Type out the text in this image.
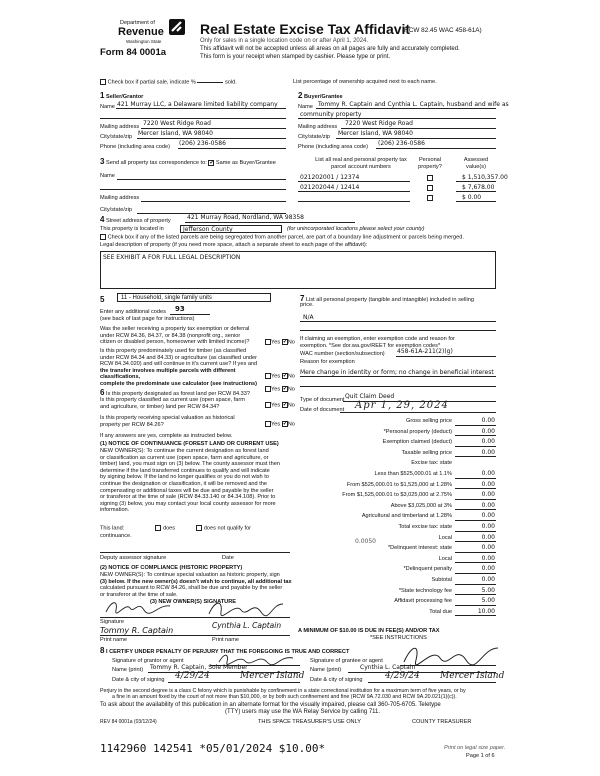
Department of
Revenue
Washington State
Form 84 0001a
Real Estate Excise Tax Affidavit
(RCW 82.45 WAC 458-61A)
Only for sales in a single location code on or after April 1, 2024.
This affidavit will not be accepted unless all areas on all pages are fully and accurately completed.
This form is your receipt when stamped by cashier. Please type or print.
Check box if partial sale, indicate %	sold.	List percentage of ownership acquired next to each name.
1 Seller/Grantor
Name 421 Murray LLC, a Delaware limited liability company
Mailing address 7220 West Ridge Road
City/state/zip Mercer Island, WA 98040
Phone (including area code) (206) 236-0586
2 Buyer/Grantee
Name Tommy R. Captain and Cynthia L. Captain, husband and wife as
community property
Mailing address 7220 West Ridge Road
City/state/zip Mercer Island, WA 98040
Phone (including area code) (206) 236-0586
3 Send all property tax correspondence to: ✓ Same as Buyer/Grantee
Name
Mailing address
City/state/zip
List all real and personal property tax
parcel account numbers
Personal
property?
Assessed
value(s)
021202001 / 12374	$ 1,510,357.00
021202044 / 12414	$ 7,678.00
$ 0.00
4 Street address of property	421 Murray Road, Nordland, WA 98358
This property is located in	Jefferson County	(for unincorporated locations please select your county)
Check box if any of the listed parcels are being segregated from another parcel, are part of a boundary line adjustment or parcels being merged.
Legal description of property (if you need more space, attach a separate sheet to each page of the affidavit):
SEE EXHIBIT A FOR FULL LEGAL DESCRIPTION
5	11 - Household, single family units
Enter any additional codes 93
(see back of last page for instructions)
Was the seller receiving a property tax exemption or deferral
under RCW 84.36, 84.37, or 84.38 (nonprofit org., senior
citizen or disabled person, homeowner with limited income)?	Yes ✓ No
Is this property predominately used for timber (as classified
under RCW 84.34 and 84.33) or agriculture (as classified under
RCW 84.34.020) and will continue in it's current use? If yes and
the transfer involves multiple parcels with different classifications,
complete the predominate use calculator (see instructions)
Yes ✓ No
6 Is this property designated as forest land per RCW 84.33?
Yes ✓ No
Is this property classified as current use (open space, farm
and agriculture, or timber) land per RCW 84.34?	Yes ✓ No
Is this property receiving special valuation as historical
property per RCW 84.26?	Yes ✓ No
If any answers are yes, complete as instructed below.
(1) NOTICE OF CONTINUANCE (FOREST LAND OR CURRENT USE)
NEW OWNER(S): To continue the current designation as forest land
or classification as current use (open space, farm and agriculture, or
timber) land, you must sign on (3) below. The county assessor must then
determine if the land transferred continues to qualify and will indicate
by signing below. If the land no longer qualifies or you do not wish to
continue the designation or classification, it will be removed and the
compensating or additional taxes will be due and payable by the seller
or transferor at the time of sale (RCW 84.33.140 or 84.34.108). Prior to
signing (3) below, you may contact your local county assessor for more
information.
This land:	does	does not qualify for
continuance.
Deputy assessor signature	Date
(2) NOTICE OF COMPLIANCE (HISTORIC PROPERTY)
NEW OWNER(S): To continue special valuation as historic property, sign
(3) below. If the new owner(s) doesn't wish to continue, all additional tax
calculated pursuant to RCW 84.26, shall be due and payable by the seller
or transferor at the time of sale.
(3) NEW OWNER(S) SIGNATURE
Signature
Tommy R. Captain
Cynthia L. Captain
Print name	Print name
7 List all personal property (tangible and intangible) included in selling
price.
N/A
If claiming an exemption, enter exemption code and reason for
exemption. *See dor.wa.gov/REET for exemption codes*
WAC number (section/subsection) 458-61A-211(2)(g)
Reason for exemption
Mere change in identity or form; no change in beneficial interest
Type of document Quit Claim Deed
Date of document Apr 1, 29, 2024
Gross selling price	0.00
*Personal property (deduct)	0.00
Exemption claimed (deduct)	0.00
Taxable selling price	0.00
Excise tax: state
Less than $525,000.01 at 1.1%	0.00
From $525,000.01 to $1,525,000 at 1.28%	0.00
From $1,525,000.01 to $3,025,000 at 2.75%	0.00
Above $3,025,000 at 3%	0.00
Agricultural and timberland at 1.28%	0.00
Total excise tax: state	0.00
Local	0.00
*Delinquent interest: state	0.00
Local	0.00
*Delinquent penalty	0.00
Subtotal	0.00
*State technology fee	5.00
Affidavit processing fee	5.00
Total due	10.00
0.0050
A MINIMUM OF $10.00 IS DUE IN FEE(S) AND/OR TAX
*SEE INSTRUCTIONS
8 I CERTIFY UNDER PENALTY OF PERJURY THAT THE FOREGOING IS TRUE AND CORRECT
Signature of grantor or agent
Name (print) Tommy R. Captain, Sole Member
Date & city of signing 4/29/24	Mercer Island
Signature of grantee or agent
Name (print)	Cynthia L. Captain
Date & city of signing 4/29/24 Mercer Island
Perjury in the second degree is a class C felony which is punishable by confinement in a state correctional institution for a maximum term of five years, or by
a fine in an amount fixed by the court of not more than $10,000, or by both such confinement and fine (RCW 9A.72.030 and RCW 9A.20.021(1)(c)).
To ask about the availability of this publication in an alternate format for the visually impaired, please call 360-705-6705. Teletype
(TTY) users may use the WA Relay Service by calling 711.
REV 84 0001a (03/12/24)	THIS SPACE TREASURER'S USE ONLY	COUNTY TREASURER
1142960 142541 *05/01/2024 $10.00*	Print on legal size paper.
Page 1 of 6
